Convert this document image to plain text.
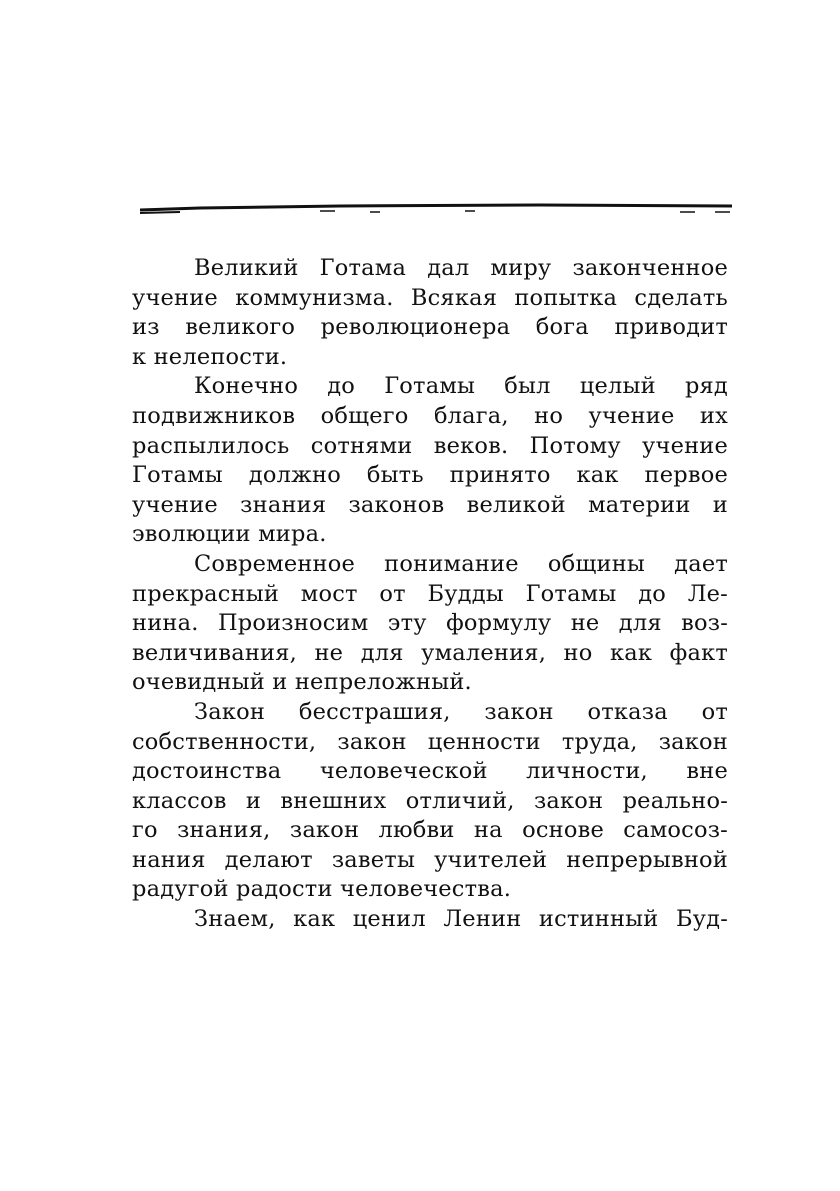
Великий Готама дал миру законченное
учение коммунизма. Всякая попытка сделать
из великого революционера бога приводит
к нелепости.
Конечно до Готамы был целый ряд
подвижников общего блага, но учение их
распылилось сотнями веков. Потому учение
Готамы должно быть принято как первое
учение знания законов великой материи и
эволюции мира.
Современное понимание общины дает
прекрасный мост от Будды Готамы до Ле-
нина. Произносим эту формулу не для воз-
величивания, не для умаления, но как факт
очевидный и непреложный.
Закон бесстрашия, закон отказа от
собственности, закон ценности труда, закон
достоинства человеческой личности, вне
классов и внешних отличий, закон реально-
го знания, закон любви на основе самосоз-
нания делают заветы учителей непрерывной
радугой радости человечества.
Знаем, как ценил Ленин истинный Буд-
